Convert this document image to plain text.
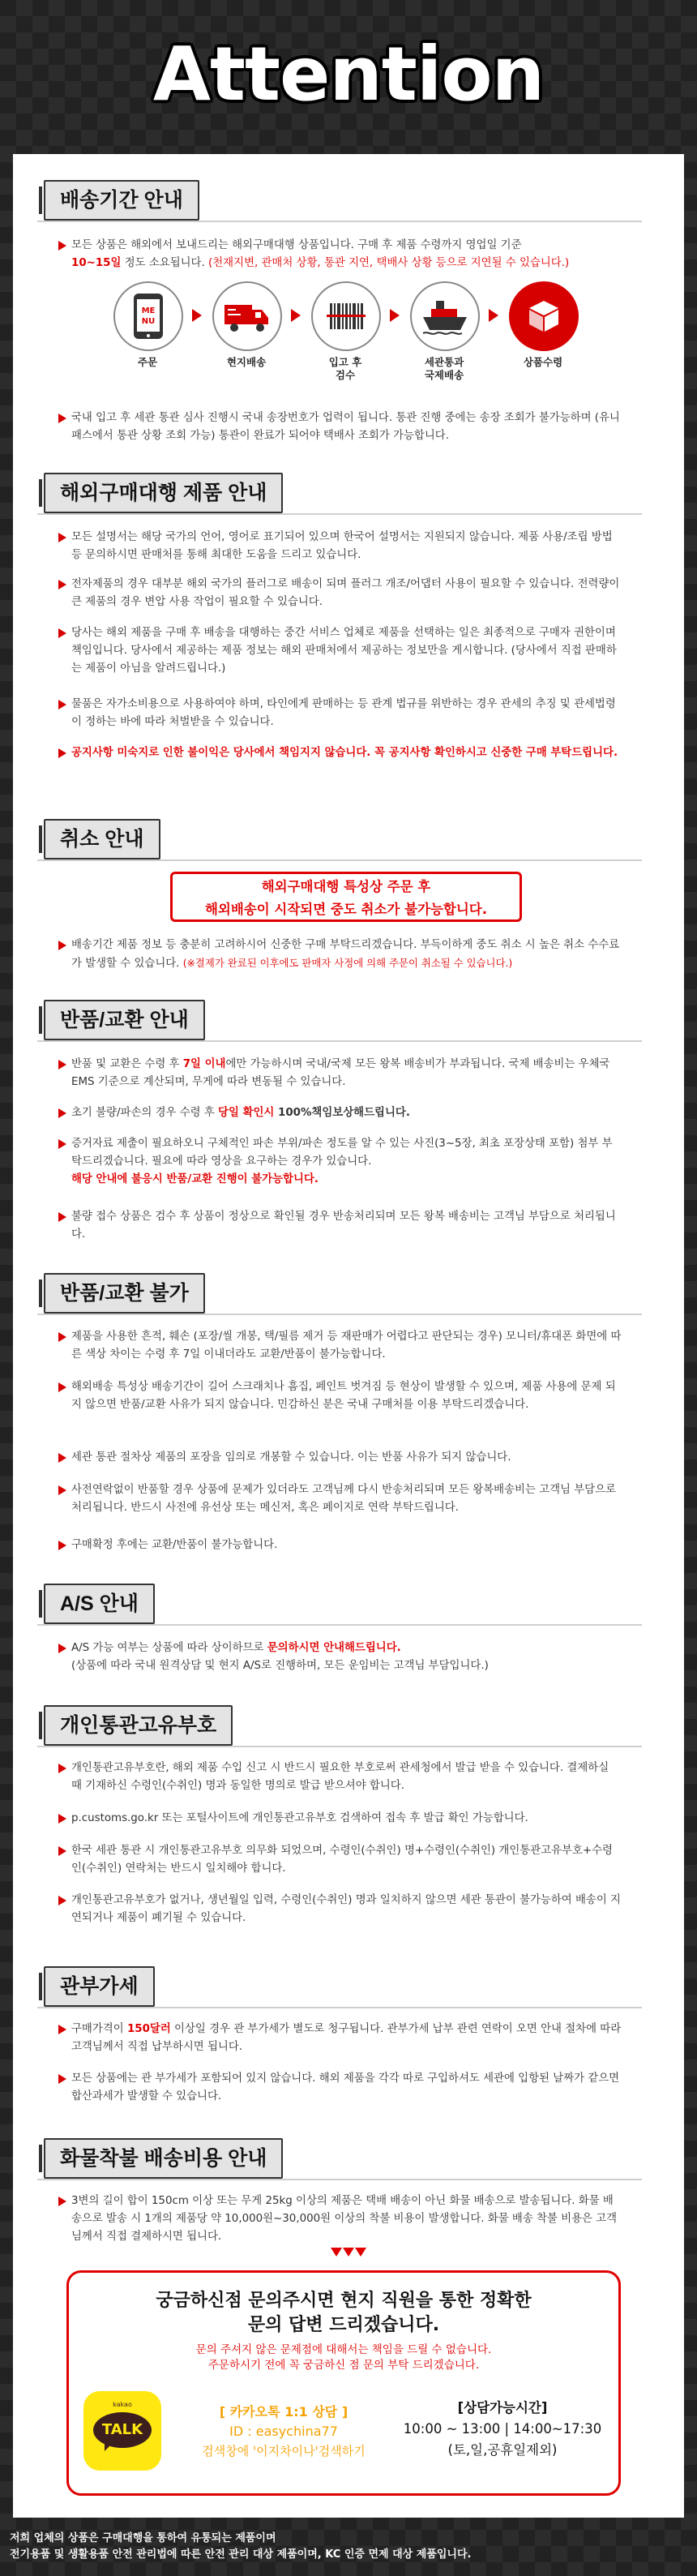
Attention
배송기간 안내
모든 상품은 해외에서 보내드리는 해외구매대행 상품입니다. 구매 후 제품 수령까지 영업일 기준
10~15일 정도 소요됩니다. (천재지변, 관매처 상황, 통관 지연, 택배사 상황 등으로 지연될 수 있습니다.)
ME
NU
주문	현지배송	입고 후
검수
세관통과
국제배송
상품수령
국내 입고 후 세관 통관 심사 진행시 국내 송장번호가 업력이 됩니다. 통관 진행 중에는 송장 조회가 불가능하며 (유니패스에서 통관 상황 조회 가능) 통관이 완료가 되어야 택배사 조회가 가능합니다.
해외구매대행 제품 안내
모든 설명서는 해당 국가의 언어, 영어로 표기되어 있으며 한국어 설명서는 지원되지 않습니다. 제품 사용/조립 방법 등 문의하시면 판매처를 통해 최대한 도움을 드리고 있습니다.
전자제품의 경우 대부분 해외 국가의 플러그로 배송이 되며 플러그 개조/어댑터 사용이 필요할 수 있습니다. 전력량이 큰 제품의 경우 변압 사용 작업이 필요할 수 있습니다.
당사는 해외 제품을 구매 후 배송을 대행하는 중간 서비스 업체로 제품을 선택하는 일은 최종적으로 구매자 권한이며 책임입니다. 당사에서 제공하는 제품 정보는 해외 판매처에서 제공하는 정보만을 게시합니다. (당사에서 직접 판매하는 제품이 아님을 알려드립니다.)
물품은 자가소비용으로 사용하여야 하며, 타인에게 판매하는 등 관계 법규를 위반하는 경우 관세의 추징 및 관세법령이 정하는 바에 따라 처벌받을 수 있습니다.
공지사항 미숙지로 인한 불이익은 당사에서 책임지지 않습니다. 꼭 공지사항 확인하시고 신중한 구매 부탁드립니다.
취소 안내
해외구매대행 특성상 주문 후
해외배송이 시작되면 중도 취소가 불가능합니다.
배송기간 제품 정보 등 충분히 고려하시어 신중한 구매 부탁드리겠습니다. 부득이하게 중도 취소 시 높은 취소 수수료가 발생할 수 있습니다. (※결제가 완료된 이후에도 판매자 사정에 의해 주문이 취소될 수 있습니다.)
반품/교환 안내
반품 및 교환은 수령 후 7일 이내에만 가능하시며 국내/국제 모든 왕복 배송비가 부과됩니다. 국제 배송비는 우체국 EMS 기준으로 계산되며, 무게에 따라 변동될 수 있습니다.
초기 불량/파손의 경우 수령 후 당일 확인시 100%책임보상해드립니다.
증거자료 제출이 필요하오니 구체적인 파손 부위/파손 정도를 알 수 있는 사진(3~5장, 최초 포장상태 포함) 첨부 부탁드리겠습니다. 필요에 따라 영상을 요구하는 경우가 있습니다.
해당 안내에 불응시 반품/교환 진행이 불가능합니다.
불량 접수 상품은 검수 후 상품이 정상으로 확인될 경우 반송처리되며 모든 왕복 배송비는 고객님 부담으로 처리됩니다.
반품/교환 불가
제품을 사용한 흔적, 훼손 (포장/씰 개봉, 택/필름 제거 등 재판매가 어렵다고 판단되는 경우) 모니터/휴대폰 화면에 따른 색상 차이는 수령 후 7일 이내더라도 교환/반품이 불가능합니다.
해외배송 특성상 배송기간이 길어 스크래치나 흠집, 페인트 벗겨짐 등 현상이 발생할 수 있으며, 제품 사용에 문제 되지 않으면 반품/교환 사유가 되지 않습니다. 민감하신 분은 국내 구매처를 이용 부탁드리겠습니다.
세관 통관 절차상 제품의 포장을 임의로 개봉할 수 있습니다. 이는 반품 사유가 되지 않습니다.
사전연락없이 반품할 경우 상품에 문제가 있더라도 고객님께 다시 반송처리되며 모든 왕복배송비는 고객님 부담으로 처리됩니다. 반드시 사전에 유선상 또는 메신저, 혹은 페이지로 연락 부탁드립니다.
구매확정 후에는 교환/반품이 불가능합니다.
A/S 안내
A/S 가능 여부는 상품에 따라 상이하므로 문의하시면 안내해드립니다.
(상품에 따라 국내 원격상담 및 현지 A/S로 진행하며, 모든 운임비는 고객님 부담입니다.)
개인통관고유부호
개인통관고유부호란, 해외 제품 수입 신고 시 반드시 필요한 부호로써 관세청에서 발급 받을 수 있습니다. 결제하실 때 기재하신 수령인(수취인) 명과 동일한 명의로 발급 받으셔야 합니다.
p.customs.go.kr 또는 포털사이트에 개인통관고유부호 검색하여 접속 후 발급 확인 가능합니다.
한국 세관 통관 시 개인통관고유부호 의무화 되었으며, 수령인(수취인) 명+수령인(수취인) 개인통관고유부호+수령인(수취인) 연락처는 반드시 일치해야 합니다.
개인통관고유부호가 없거나, 생년월일 입력, 수령인(수취인) 명과 일치하지 않으면 세관 통관이 불가능하여 배송이 지연되거나 제품이 폐기될 수 있습니다.
관부가세
구매가격이 150달러 이상일 경우 관 부가세가 별도로 청구됩니다. 관부가세 납부 관련 연락이 오면 안내 절차에 따라 고객님께서 직접 납부하시면 됩니다.
모든 상품에는 관 부가세가 포함되어 있지 않습니다. 해외 제품을 각각 따로 구입하셔도 세관에 입항된 날짜가 같으면 합산과세가 발생할 수 있습니다.
화물착불 배송비용 안내
3변의 길이 합이 150cm 이상 또는 무게 25kg 이상의 제품은 택배 배송이 아닌 화물 배송으로 발송됩니다. 화물 배송으로 발송 시 1개의 제품당 약 10,000원~30,000원 이상의 착불 비용이 발생합니다. 화물 배송 착불 비용은 고객님께서 직접 결제하시면 됩니다.
궁금하신점 문의주시면 현지 직원을 통한 정확한
문의 답변 드리겠습니다.
문의 주셔지 않은 문제점에 대해서는 책임을 드릴 수 없습니다.
주문하시기 전에 꼭 궁금하신 점 문의 부탁 드리겠습니다.
kakao
TALK
[ 카카오톡 1:1 상담 ]
ID : easychina77
검색창에 '이지차이나'검색하기
[상담가능시간]
10:00 ~ 13:00 | 14:00~17:30
(토,일,공휴일제외)
저희 업체의 상품은 구매대행을 통하여 유통되는 제품이며
전기용품 및 생활용품 안전 관리법에 따른 안전 관리 대상 제품이며, KC 인증 면제 대상 제품입니다.
